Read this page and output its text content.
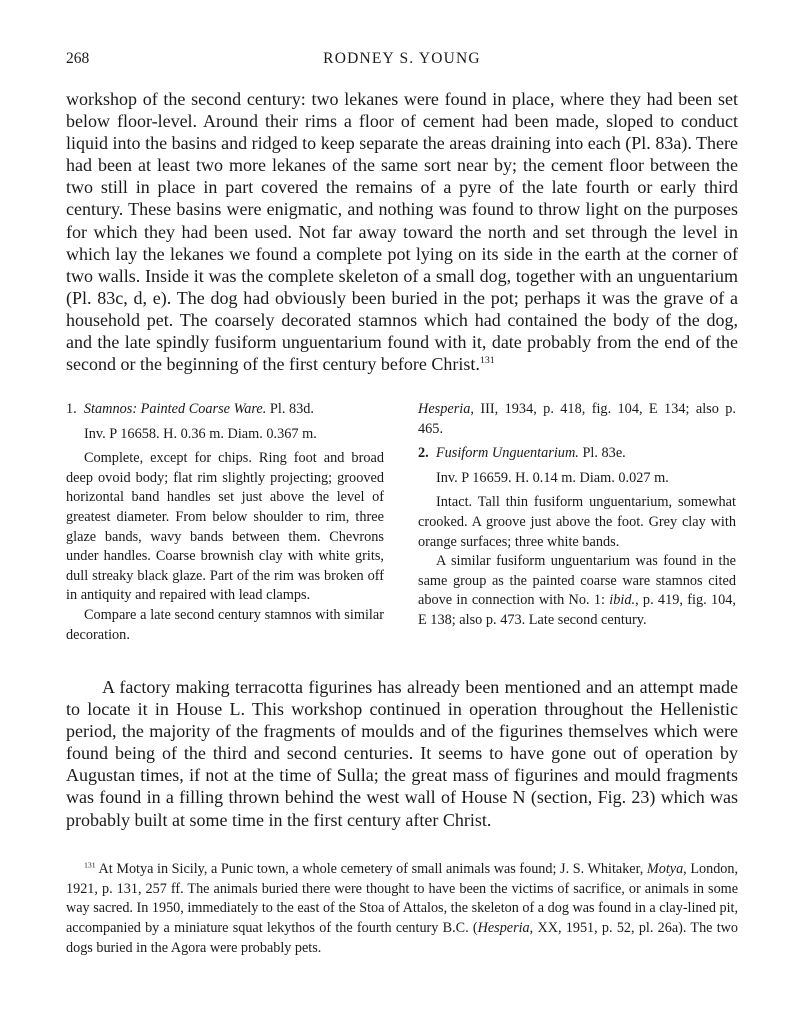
268	RODNEY S. YOUNG

workshop of the second century: two lekanes were found in place, where they had been set below floor-level. Around their rims a floor of cement had been made, sloped to conduct liquid into the basins and ridged to keep separate the areas draining into each (Pl. 83a). There had been at least two more lekanes of the same sort near by; the cement floor between the two still in place in part covered the remains of a pyre of the late fourth or early third century. These basins were enigmatic, and nothing was found to throw light on the purposes for which they had been used. Not far away toward the north and set through the level in which lay the lekanes we found a complete pot lying on its side in the earth at the corner of two walls. Inside it was the complete skeleton of a small dog, together with an unguentarium (Pl. 83c, d, e). The dog had obviously been buried in the pot; perhaps it was the grave of a household pet. The coarsely decorated stamnos which had contained the body of the dog, and the late spindly fusiform unguentarium found with it, date probably from the end of the second or the beginning of the first century before Christ.$^{131}$

1. Stamnos: Painted Coarse Ware. Pl. 83d.

Inv. P 16658. H. 0.36 m. Diam. 0.367 m.

Complete, except for chips. Ring foot and broad deep ovoid body; flat rim slightly projecting; grooved horizontal band handles set just above the level of greatest diameter. From below shoulder to rim, three glaze bands, wavy bands between them. Chevrons under handles. Coarse brownish clay with white grits, dull streaky black glaze. Part of the rim was broken off in antiquity and repaired with lead clamps.

Compare a late second century stamnos with similar decoration.

Hesperia, III, 1934, p. 418, fig. 104, E 134; also p. 465.

2. Fusiform Unguentarium. Pl. 83e.

Inv. P 16659. H. 0.14 m. Diam. 0.027 m.

Intact. Tall thin fusiform unguentarium, somewhat crooked. A groove just above the foot. Grey clay with orange surfaces; three white bands.

A similar fusiform unguentarium was found in the same group as the painted coarse ware stamnos cited above in connection with No. 1: ibid., p. 419, fig. 104, E 138; also p. 473. Late second century.

A factory making terracotta figurines has already been mentioned and an attempt made to locate it in House L. This workshop continued in operation throughout the Hellenistic period, the majority of the fragments of moulds and of the figurines themselves which were found being of the third and second centuries. It seems to have gone out of operation by Augustan times, if not at the time of Sulla; the great mass of figurines and mould fragments was found in a filling thrown behind the west wall of House N (section, Fig. 23) which was probably built at some time in the first century after Christ.

$^{131}$ At Motya in Sicily, a Punic town, a whole cemetery of small animals was found; J. S. Whitaker, Motya, London, 1921, p. 131, 257 ff. The animals buried there were thought to have been the victims of sacrifice, or animals in some way sacred. In 1950, immediately to the east of the Stoa of Attalos, the skeleton of a dog was found in a clay-lined pit, accompanied by a miniature squat lekythos of the fourth century B.C. (Hesperia, XX, 1951, p. 52, pl. 26a). The two dogs buried in the Agora were probably pets.
